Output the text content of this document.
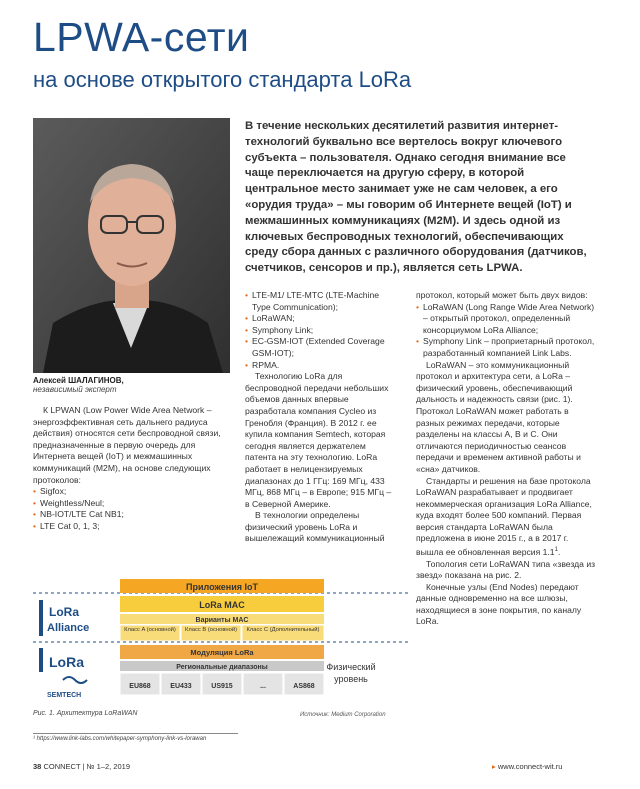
LPWA-сети
на основе открытого стандарта LoRa
Алексей ШАЛАГИНОВ,
независимый эксперт
В течение нескольких десятилетий развития интернет-технологий буквально все вертелось вокруг ключевого субъекта – пользователя. Однако сегодня внимание все чаще переключается на другую сферу, в которой центральное место занимает уже не сам человек, а его «орудия труда» – мы говорим об Интернете вещей (IoT) и межмашинных коммуникациях (M2M). И здесь одной из ключевых беспроводных технологий, обеспечивающих среду сбора данных с различного оборудования (датчиков, счетчиков, сенсоров и пр.), является сеть LPWA.

К LPWAN (Low Power Wide Area Network – энергоэффективная сеть дальнего радиуса действия) относятся сети беспроводной связи, предназначенные в первую очередь для Интернета вещей (IoT) и межмашинных коммуникаций (M2M), на основе следующих протоколов:

• Sigfox;
• Weightless/Neul;
• NB-IOT/LTE Cat NB1;
• LTE Cat 0, 1, 3;
• LTE-M1/ LTE-MTC (LTE-Machine Type Communication);
• LoRaWAN;
• Symphony Link;
• EC-GSM-IOT (Extended Coverage GSM-IOT);
• RPMA.

Технологию LoRa для беспроводной передачи небольших объемов данных впервые разработала компания Cycleo из Гренобля (Франция). В 2012 г. ее купила компания Semtech, которая сегодня является держателем патента на эту технологию. LoRa работает в нелицензируемых диапазонах до 1 ГГц: 169 МГц, 433 МГц, 868 МГц – в Европе; 915 МГц – в Северной Америке.

В технологии определены физический уровень LoRa и вышележащий коммуникационный

протокол, который может быть двух видов:

• LoRaWAN (Long Range Wide Area Network) – открытый протокол, определенный консорциумом LoRa Alliance;
• Symphony Link – проприетарный протокол, разработанный компанией Link Labs.

LoRaWAN – это коммуникационный протокол и архитектура сети, а LoRa – физический уровень, обеспечивающий дальность и надежность связи (рис. 1). Протокол LoRaWAN может работать в разных режимах передачи, которые разделены на классы A, B и C. Они отличаются периодичностью сеансов передачи и временем активной работы и «сна» датчиков.

Стандарты и решения на базе протокола LoRaWAN разрабатывает и продвигает некоммерческая организация LoRa Alliance, куда входят более 500 компаний. Первая версия стандарта LoRaWAN была предложена в июне 2015 г., а в 2017 г. вышла ее обновленная версия $1.1^1$.

Топология сети LoRaWAN типа «звезда из звезд» показана на рис. 2.

Конечные узлы (End Nodes) передают данные одновременно на все шлюзы, находящиеся в зоне покрытия, по каналу LoRa.

Приложения IoT
LoRa MAC
Варианты MAC
Класс A (основной) Класс B (основной) Класс C (Дополнительный)
Модуляция LoRa
Региональные диапазоны
EU868	EU433	US915	...	AS868
LoRa
Alliance
LoRa
SEMTECH
Физический
уровень
Рис. 1. Архитектура LoRaWAN	Источник: Medium Corporation
¹ https://www.link-labs.com/whitepaper-symphony-link-vs-lorawan
38 CONNECT | № 1–2, 2019	▸ www.connect-wit.ru
